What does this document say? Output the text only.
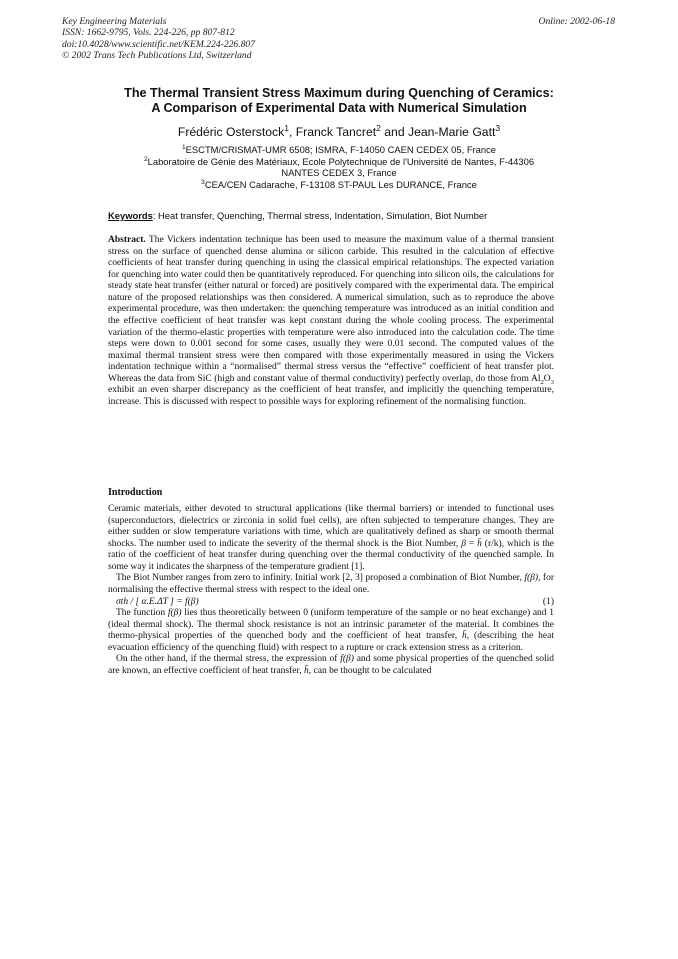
Key Engineering Materials
ISSN: 1662-9795, Vols. 224-226, pp 807-812
doi:10.4028/www.scientific.net/KEM.224-226.807
© 2002 Trans Tech Publications Ltd, Switzerland
Online: 2002-06-18
The Thermal Transient Stress Maximum during Quenching of Ceramics:
A Comparison of Experimental Data with Numerical Simulation
Frédéric Osterstock$^1$, Franck Tancret$^2$ and Jean-Marie Gatt$^3$
$^1$ESCTM/CRISMAT-UMR 6508; ISMRA, F-14050 CAEN CEDEX 05, France
$^2$Laboratoire de Génie des Matériaux, Ecole Polytechnique de l'Université de Nantes, F-44306
NANTES CEDEX 3, France
$^3$CEA/CEN Cadarache, F-13108 ST-PAUL Les DURANCE, France
Keywords: Heat transfer, Quenching, Thermal stress, Indentation, Simulation, Biot Number

Abstract. The Vickers indentation technique has been used to measure the maximum value of a thermal transient stress on the surface of quenched dense alumina or silicon carbide. This resulted in the calculation of effective coefficients of heat transfer during quenching in using the classical empirical relationships. The expected variation for quenching into water could then be quantitatively reproduced. For quenching into silicon oils, the calculations for steady state heat transfer (either natural or forced) are positively compared with the experimental data. The empirical nature of the proposed relationships was then considered. A numerical simulation, such as to reproduce the above experimental procedure, was then undertaken: the quenching temperature was introduced as an initial condition and the effective coefficient of heat transfer was kept constant during the whole cooling process. The experimental variation of the thermo-elastic properties with temperature were also introduced into the calculation code. The time steps were down to 0.001 second for some cases, usually they were 0.01 second. The computed values of the maximal thermal transient stress were then compared with those experimentally measured in using the Vickers indentation technique within a “normalised” thermal stress versus the “effective” coefficient of heat transfer plot. Whereas the data from SiC (high and constant value of thermal conductivity) perfectly overlap, do those from $Al_2O_3$ exhibit an even sharper discrepancy as the coefficient of heat transfer, and implicitly the quenching temperature, increase. This is discussed with respect to possible ways for exploring refinement of the normalising function.

Introduction

Ceramic materials, either devoted to structural applications (like thermal barriers) or intended to functional uses (superconductors, dielectrics or zirconia in solid fuel cells), are often subjected to temperature changes. They are either sudden or slow temperature variations with time, which are qualitatively defined as sharp or smooth thermal shocks. The number used to indicate the severity of the thermal shock is the Biot Number, β = h̄ (r/k), which is the ratio of the coefficient of heat transfer during quenching over the thermal conductivity of the quenched sample. In some way it indicates the sharpness of the temperature gradient [1].

The Biot Number ranges from zero to infinity. Initial work [2, 3] proposed a combination of Biot Number, f(β), for normalising the effective thermal stress with respect to the ideal one.

σth / [ α.E.ΔT ] = f(β)	(1)

The function f(β) lies thus theoretically between 0 (uniform temperature of the sample or no heat exchange) and 1 (ideal thermal shock). The thermal shock resistance is not an intrinsic parameter of the material. It combines the thermo-physical properties of the quenched body and the coefficient of heat transfer, h̄, (describing the heat evacuation efficiency of the quenching fluid) with respect to a rupture or crack extension stress as a criterion.

On the other hand, if the thermal stress, the expression of f(β) and some physical properties of the quenched solid are known, an effective coefficient of heat transfer, h̄, can be thought to be calculated
